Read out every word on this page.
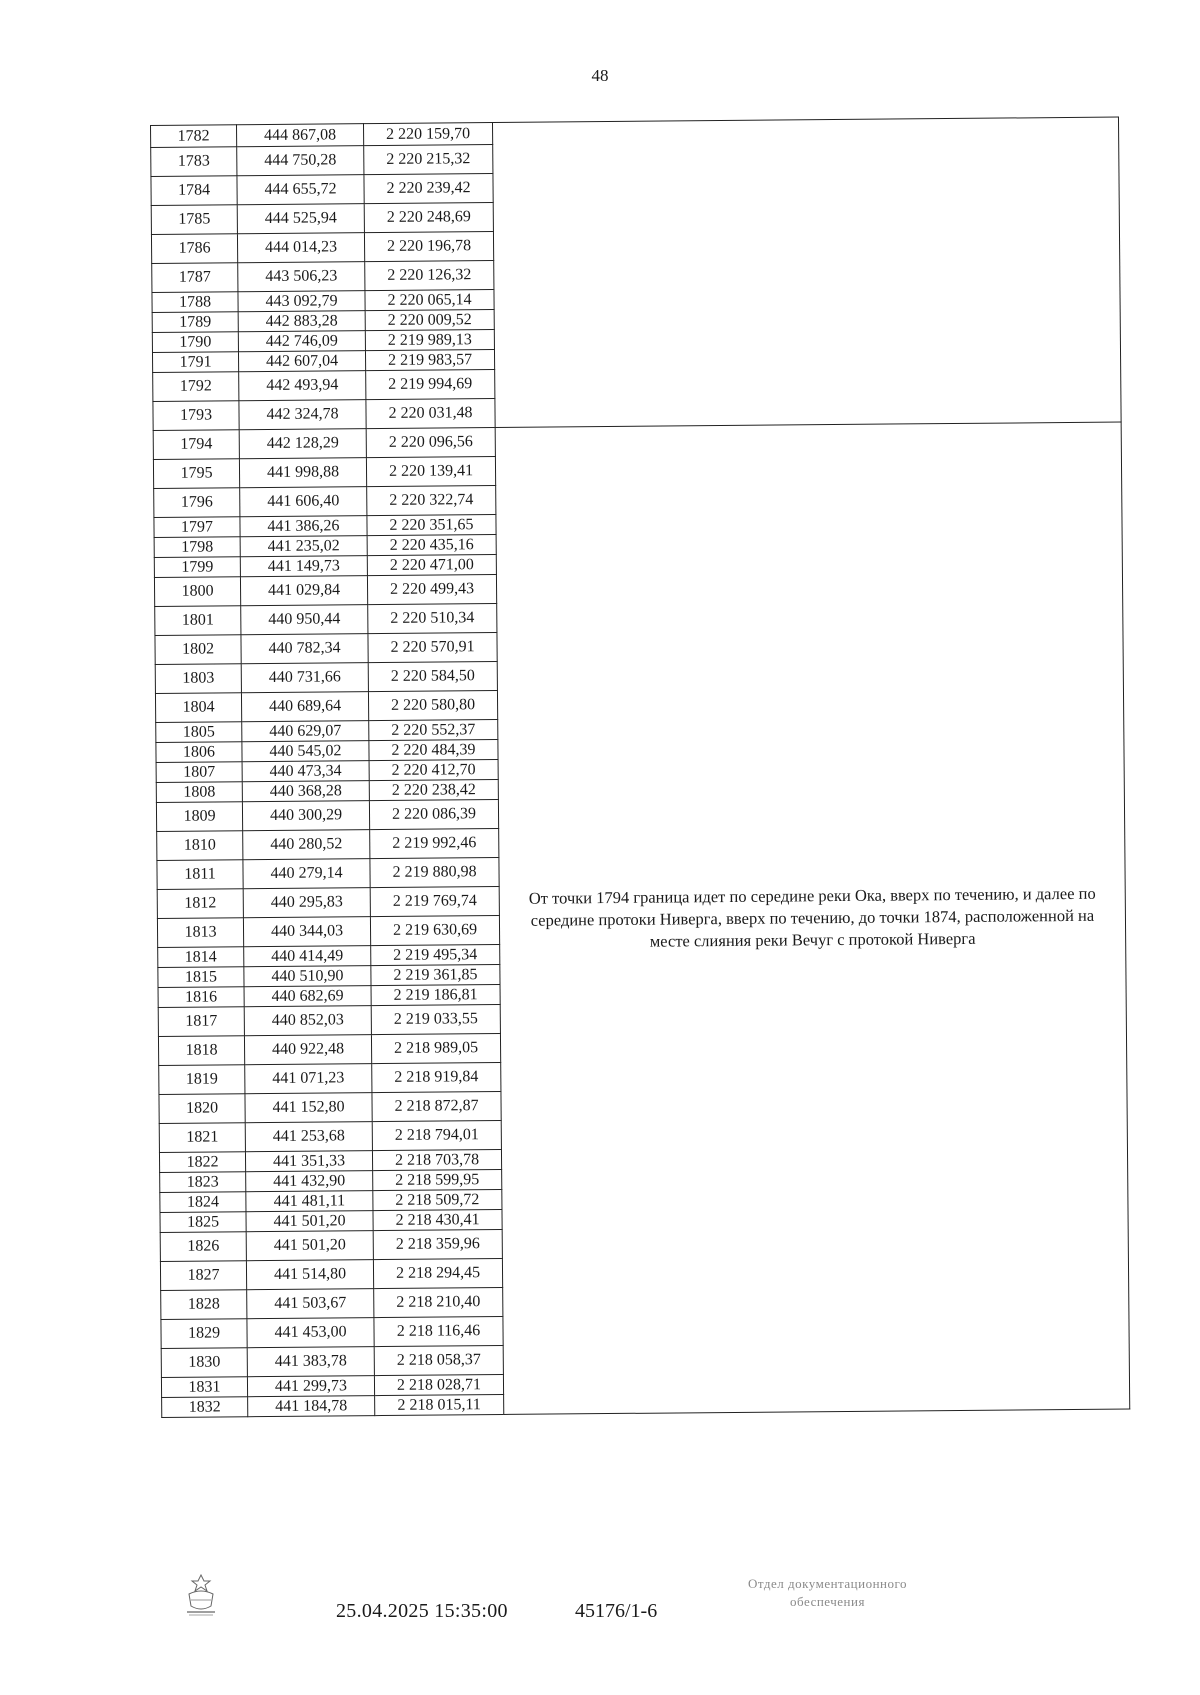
48
1782	444 867,08	2 220 159,70	
1783	444 750,28	2 220 215,32	
1784	444 655,72	2 220 239,42	
1785	444 525,94	2 220 248,69	
1786	444 014,23	2 220 196,78	
1787	443 506,23	2 220 126,32	
1788	443 092,79	2 220 065,14	
1789	442 883,28	2 220 009,52	
1790	442 746,09	2 219 989,13	
1791	442 607,04	2 219 983,57	
1792	442 493,94	2 219 994,69	
1793	442 324,78	2 220 031,48	
1794	442 128,29	2 220 096,56	От точки 1794 граница идет по середине реки Ока, вверх по течению, и далее по середине протоки Ниверга, вверх по течению, до точки 1874, расположенной на месте слияния реки Вечуг с протокой Ниверга
1795	441 998,88	2 220 139,41	
1796	441 606,40	2 220 322,74	
1797	441 386,26	2 220 351,65	
1798	441 235,02	2 220 435,16	
1799	441 149,73	2 220 471,00	
1800	441 029,84	2 220 499,43	
1801	440 950,44	2 220 510,34	
1802	440 782,34	2 220 570,91	
1803	440 731,66	2 220 584,50	
1804	440 689,64	2 220 580,80	
1805	440 629,07	2 220 552,37	
1806	440 545,02	2 220 484,39	
1807	440 473,34	2 220 412,70	
1808	440 368,28	2 220 238,42	
1809	440 300,29	2 220 086,39	
1810	440 280,52	2 219 992,46	
1811	440 279,14	2 219 880,98	
1812	440 295,83	2 219 769,74	
1813	440 344,03	2 219 630,69	
1814	440 414,49	2 219 495,34	
1815	440 510,90	2 219 361,85	
1816	440 682,69	2 219 186,81	
1817	440 852,03	2 219 033,55	
1818	440 922,48	2 218 989,05	
1819	441 071,23	2 218 919,84	
1820	441 152,80	2 218 872,87	
1821	441 253,68	2 218 794,01	
1822	441 351,33	2 218 703,78	
1823	441 432,90	2 218 599,95	
1824	441 481,11	2 218 509,72	
1825	441 501,20	2 218 430,41	
1826	441 501,20	2 218 359,96	
1827	441 514,80	2 218 294,45	
1828	441 503,67	2 218 210,40	
1829	441 453,00	2 218 116,46	
1830	441 383,78	2 218 058,37	
1831	441 299,73	2 218 028,71	
1832	441 184,78	2 218 015,11	
25.04.2025 15:35:00	45176/1-6
Отдел документационного
обеспечения
